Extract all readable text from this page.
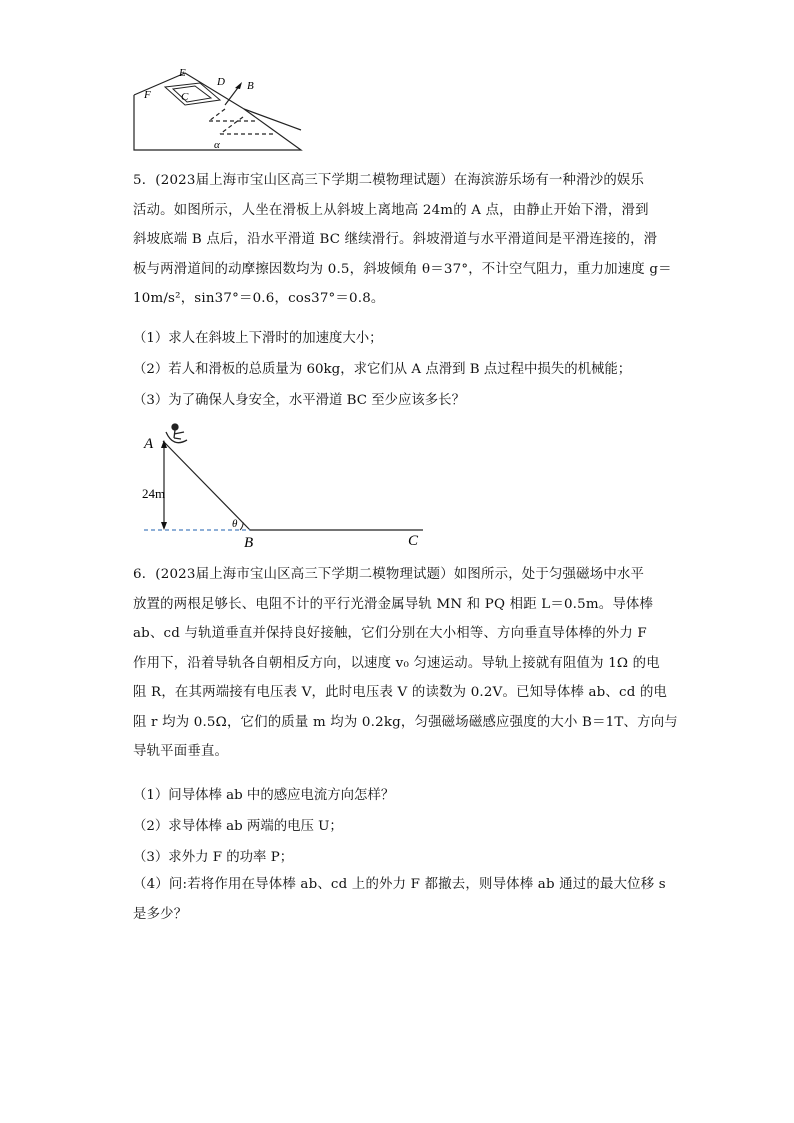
E
D B
F	C
α
5．(2023届上海市宝山区高三下学期二模物理试题）在海滨游乐场有一种滑沙的娱乐
活动。如图所示，人坐在滑板上从斜坡上离地高 24m的 A 点，由静止开始下滑，滑到
斜坡底端 B 点后，沿水平滑道 BC 继续滑行。斜坡滑道与水平滑道间是平滑连接的，滑
板与两滑道间的动摩擦因数均为 0.5，斜坡倾角 θ＝37°，不计空气阻力，重力加速度 g＝
10m/s²，sin37°＝0.6，cos37°＝0.8。
（1）求人在斜坡上下滑时的加速度大小；
（2）若人和滑板的总质量为 60kg，求它们从 A 点滑到 B 点过程中损失的机械能；
（3）为了确保人身安全，水平滑道 BC 至少应该多长？
A
24m
θ
B	C
6．(2023届上海市宝山区高三下学期二模物理试题）如图所示，处于匀强磁场中水平
放置的两根足够长、电阻不计的平行光滑金属导轨 MN 和 PQ 相距 L＝0.5m。导体棒
ab、cd 与轨道垂直并保持良好接触，它们分别在大小相等、方向垂直导体棒的外力 F
作用下，沿着导轨各自朝相反方向，以速度 v₀ 匀速运动。导轨上接就有阻值为 1Ω 的电
阻 R，在其两端接有电压表 V，此时电压表 V 的读数为 0.2V。已知导体棒 ab、cd 的电
阻 r 均为 0.5Ω，它们的质量 m 均为 0.2kg，匀强磁场磁感应强度的大小 B＝1T、方向与
导轨平面垂直。
（1）问导体棒 ab 中的感应电流方向怎样？
（2）求导体棒 ab 两端的电压 U；
（3）求外力 F 的功率 P；
（4）问:若将作用在导体棒 ab、cd 上的外力 F 都撤去，则导体棒 ab 通过的最大位移 s
是多少？
